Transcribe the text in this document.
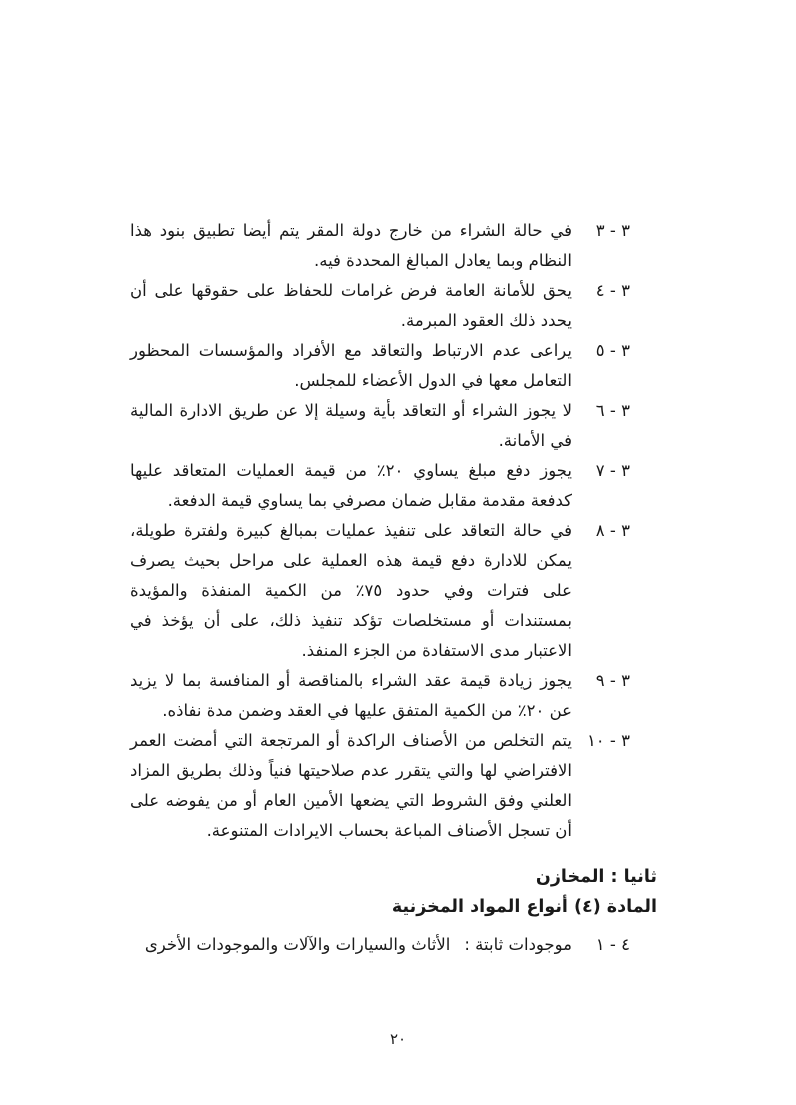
٣ - ٣

في حالة الشراء من خارج دولة المقر يتم أيضا تطبيق بنود هذا النظام وبما يعادل المبالغ المحددة فيه.

٣ - ٤

يحق للأمانة العامة فرض غرامات للحفاظ على حقوقها على أن يحدد ذلك العقود المبرمة.

٣ - ٥

يراعى عدم الارتباط والتعاقد مع الأفراد والمؤسسات المحظور التعامل معها في الدول الأعضاء للمجلس.

٣ - ٦

لا يجوز الشراء أو التعاقد بأية وسيلة إلا عن طريق الادارة المالية في الأمانة.

٣ - ٧

يجوز دفع مبلغ يساوي ٢٠٪ من قيمة العمليات المتعاقد عليها كدفعة مقدمة مقابل ضمان مصرفي بما يساوي قيمة الدفعة.

٣ - ٨

في حالة التعاقد على تنفيذ عمليات بمبالغ كبيرة ولفترة طويلة، يمكن للادارة دفع قيمة هذه العملية على مراحل بحيث يصرف على فترات وفي حدود ٧٥٪ من الكمية المنفذة والمؤيدة بمستندات أو مستخلصات تؤكد تنفيذ ذلك، على أن يؤخذ في الاعتبار مدى الاستفادة من الجزء المنفذ.

٣ - ٩

يجوز زيادة قيمة عقد الشراء بالمناقصة أو المنافسة بما لا يزيد عن ٢٠٪ من الكمية المتفق عليها في العقد وضمن مدة نفاذه.

٣ - ١٠

يتم التخلص من الأصناف الراكدة أو المرتجعة التي أمضت العمر الافتراضي لها والتي يتقرر عدم صلاحيتها فنياً وذلك بطريق المزاد العلني وفق الشروط التي يضعها الأمين العام أو من يفوضه على أن تسجل الأصناف المباعة بحساب الايرادات المتنوعة.

ثانيا : المخازن
المادة (٤) أنواع المواد المخزنية
٤ - ١

موجودات ثابتة :الأثاث والسيارات والآلات والموجودات الأخرى

٢٠
